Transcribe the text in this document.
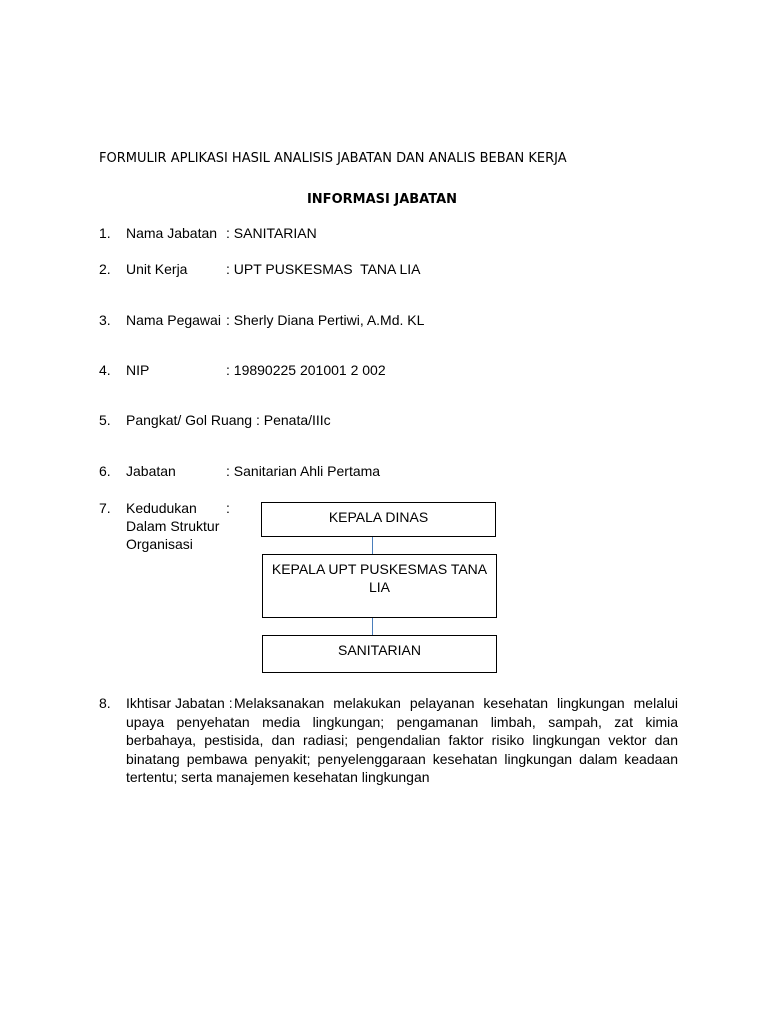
FORMULIR APLIKASI HASIL ANALISIS JABATAN DAN ANALIS BEBAN KERJA
INFORMASI JABATAN
1. Nama Jabatan : SANITARIAN
2. Unit Kerja	: UPT PUSKESMAS  TANA LIA
3. Nama Pegawai : Sherly Diana Pertiwi, A.Md. KL
4. NIP	: 19890225 201001 2 002
5. Pangkat/ Gol Ruang : Penata/IIIc
6. Jabatan	: Sanitarian Ahli Pertama
7. Kedudukan
Dalam Struktur
Organisasi
:
KEPALA DINAS
KEPALA UPT PUSKESMAS TANA
LIA
SANITARIAN
8. Ikhtisar Jabatan : Melaksanakan melakukan pelayanan kesehatan lingkungan melalui upaya penyehatan media lingkungan; pengamanan limbah, sampah, zat kimia berbahaya, pestisida, dan radiasi; pengendalian faktor risiko lingkungan vektor dan binatang pembawa penyakit; penyelenggaraan kesehatan lingkungan dalam keadaan tertentu; serta manajemen kesehatan lingkungan
